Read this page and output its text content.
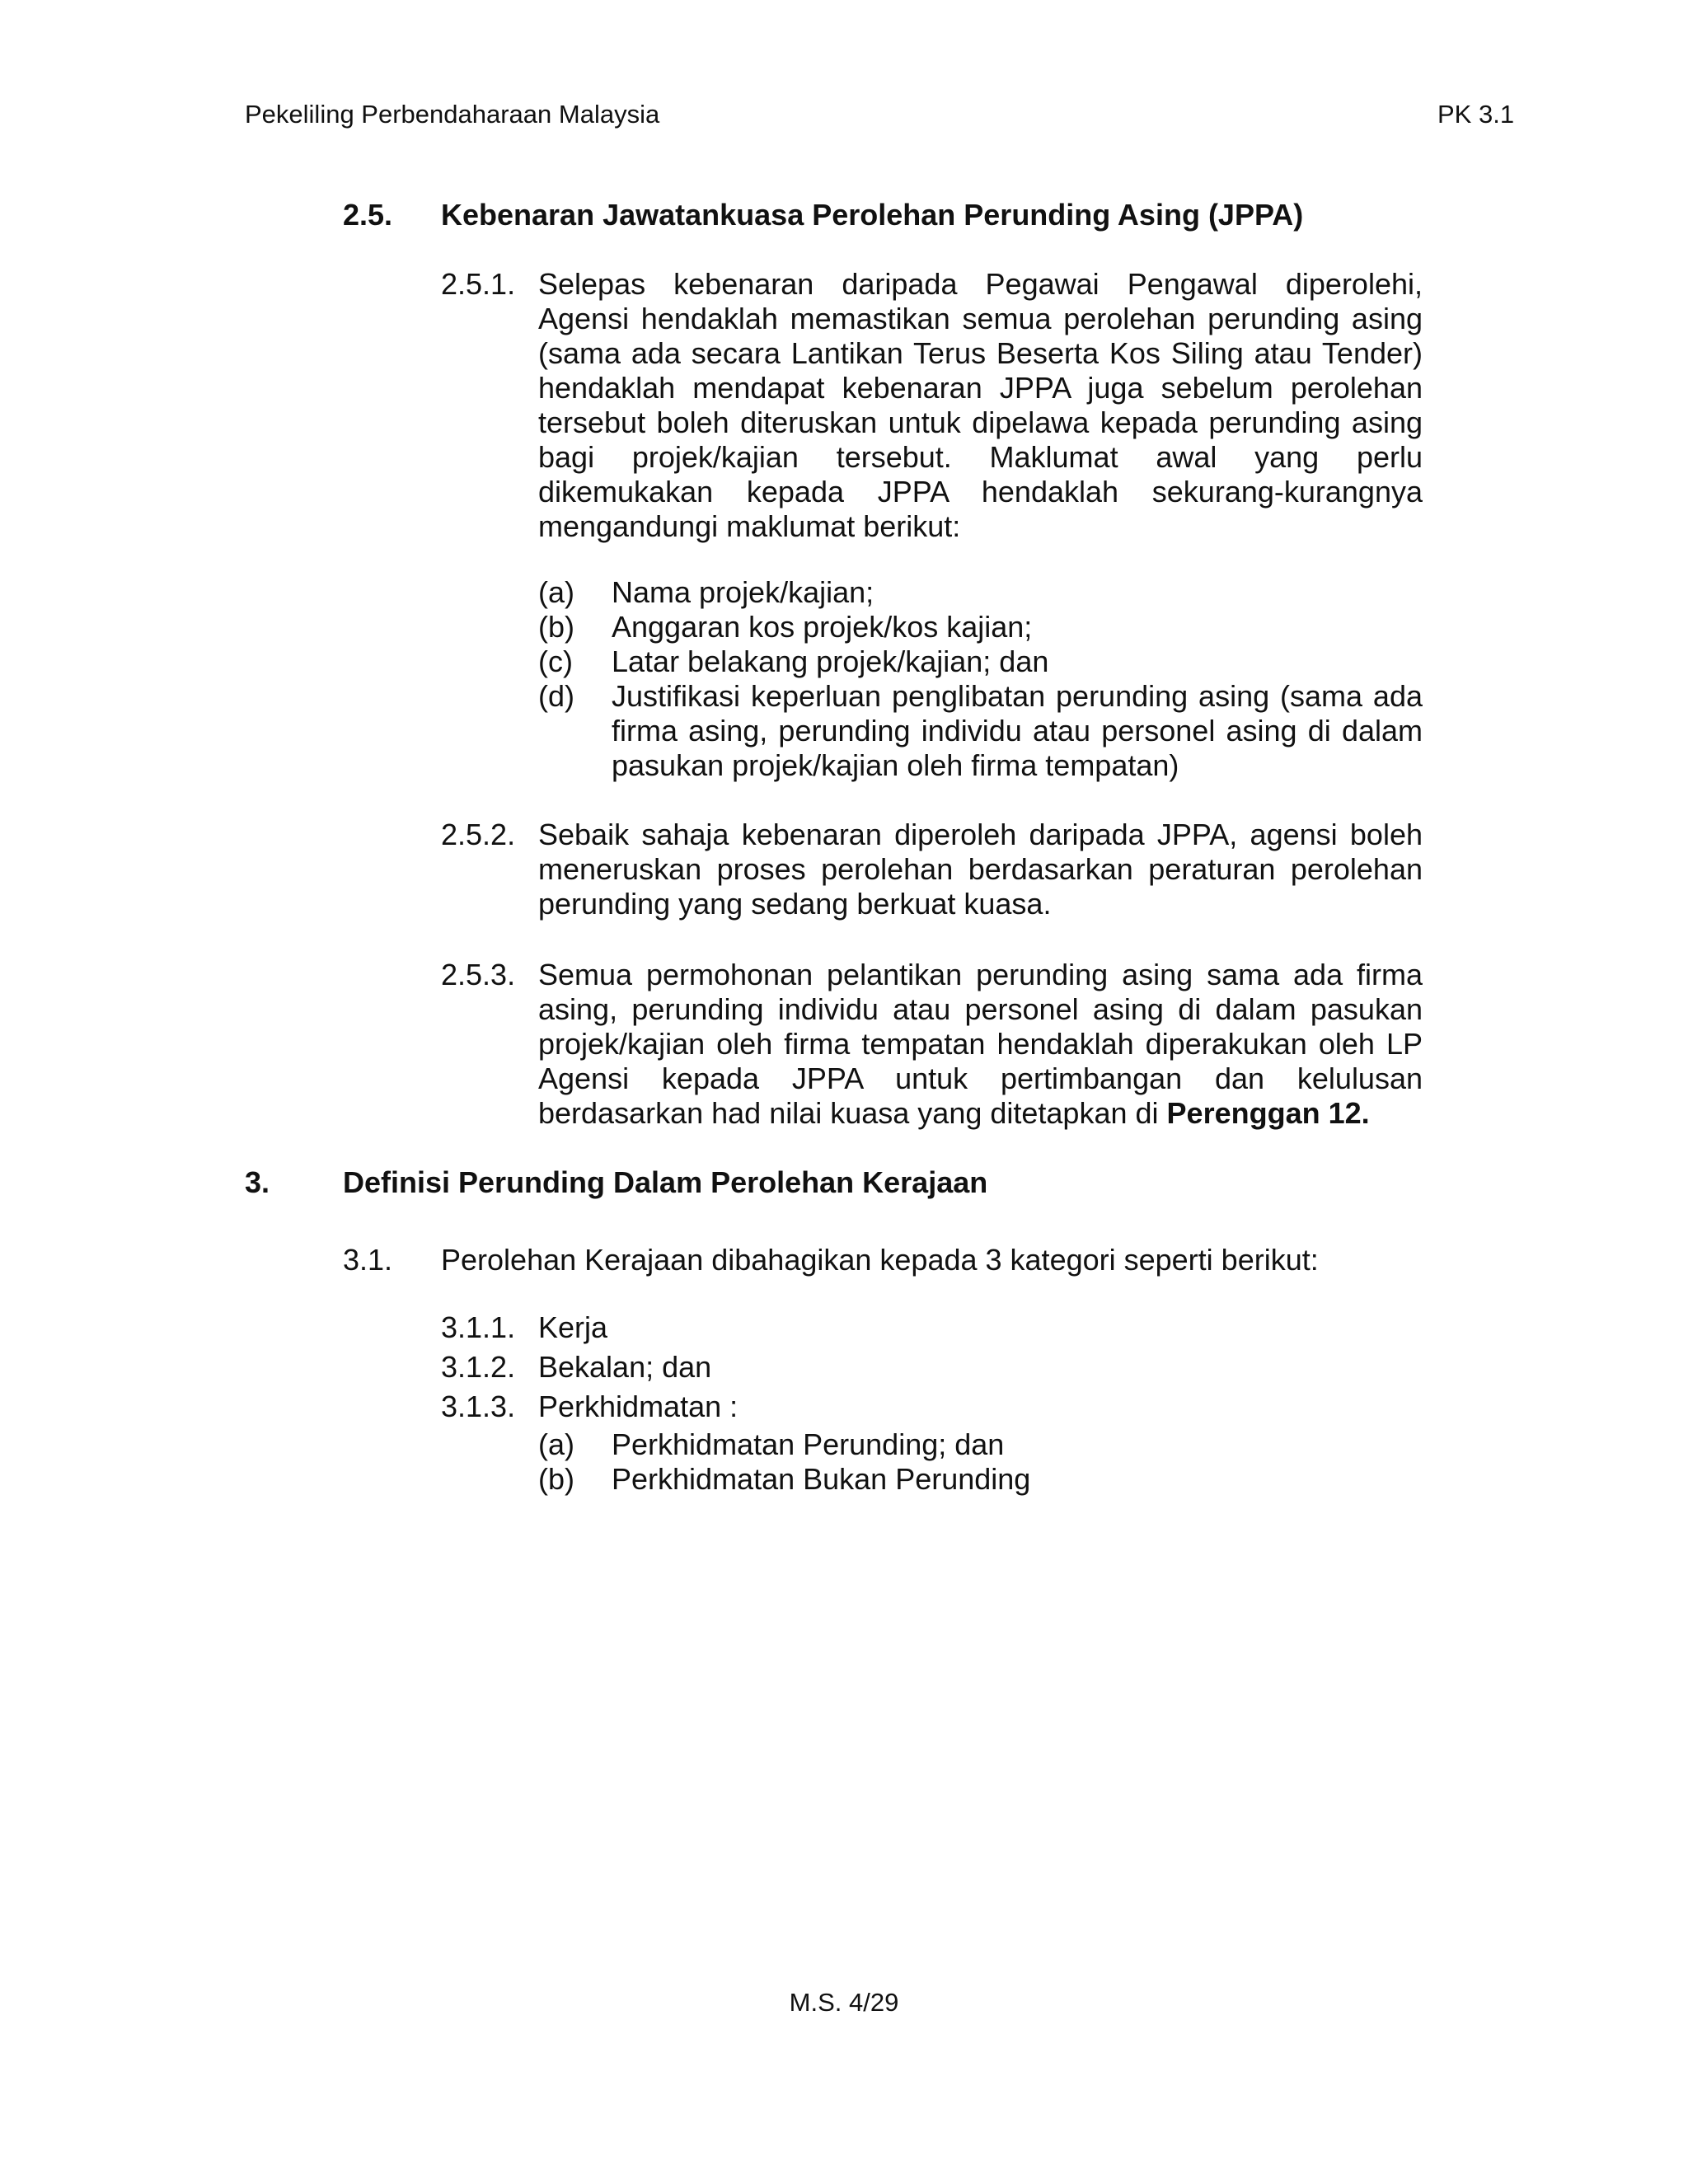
Pekeliling Perbendaharaan Malaysia	PK 3.1
2.5. Kebenaran Jawatankuasa Perolehan Perunding Asing (JPPA)
2.5.1. Selepas kebenaran daripada Pegawai Pengawal diperolehi,
Agensi hendaklah memastikan semua perolehan perunding asing
(sama ada secara Lantikan Terus Beserta Kos Siling atau Tender)
hendaklah mendapat kebenaran JPPA juga sebelum perolehan
tersebut boleh diteruskan untuk dipelawa kepada perunding asing
bagi projek/kajian tersebut. Maklumat awal yang perlu
dikemukakan kepada JPPA hendaklah sekurang-kurangnya
mengandungi maklumat berikut:
(a) Nama projek/kajian;
(b) Anggaran kos projek/kos kajian;
(c) Latar belakang projek/kajian; dan
(d) Justifikasi keperluan penglibatan perunding asing (sama ada
firma asing, perunding individu atau personel asing di dalam
pasukan projek/kajian oleh firma tempatan)
2.5.2. Sebaik sahaja kebenaran diperoleh daripada JPPA, agensi boleh
meneruskan proses perolehan berdasarkan peraturan perolehan
perunding yang sedang berkuat kuasa.
2.5.3. Semua permohonan pelantikan perunding asing sama ada firma
asing, perunding individu atau personel asing di dalam pasukan
projek/kajian oleh firma tempatan hendaklah diperakukan oleh LP
Agensi kepada JPPA untuk pertimbangan dan kelulusan
berdasarkan had nilai kuasa yang ditetapkan di Perenggan 12.
3. Definisi Perunding Dalam Perolehan Kerajaan
3.1. Perolehan Kerajaan dibahagikan kepada 3 kategori seperti berikut:
3.1.1. Kerja
3.1.2. Bekalan; dan
3.1.3. Perkhidmatan :
(a) Perkhidmatan Perunding; dan
(b) Perkhidmatan Bukan Perunding
M.S. 4/29
